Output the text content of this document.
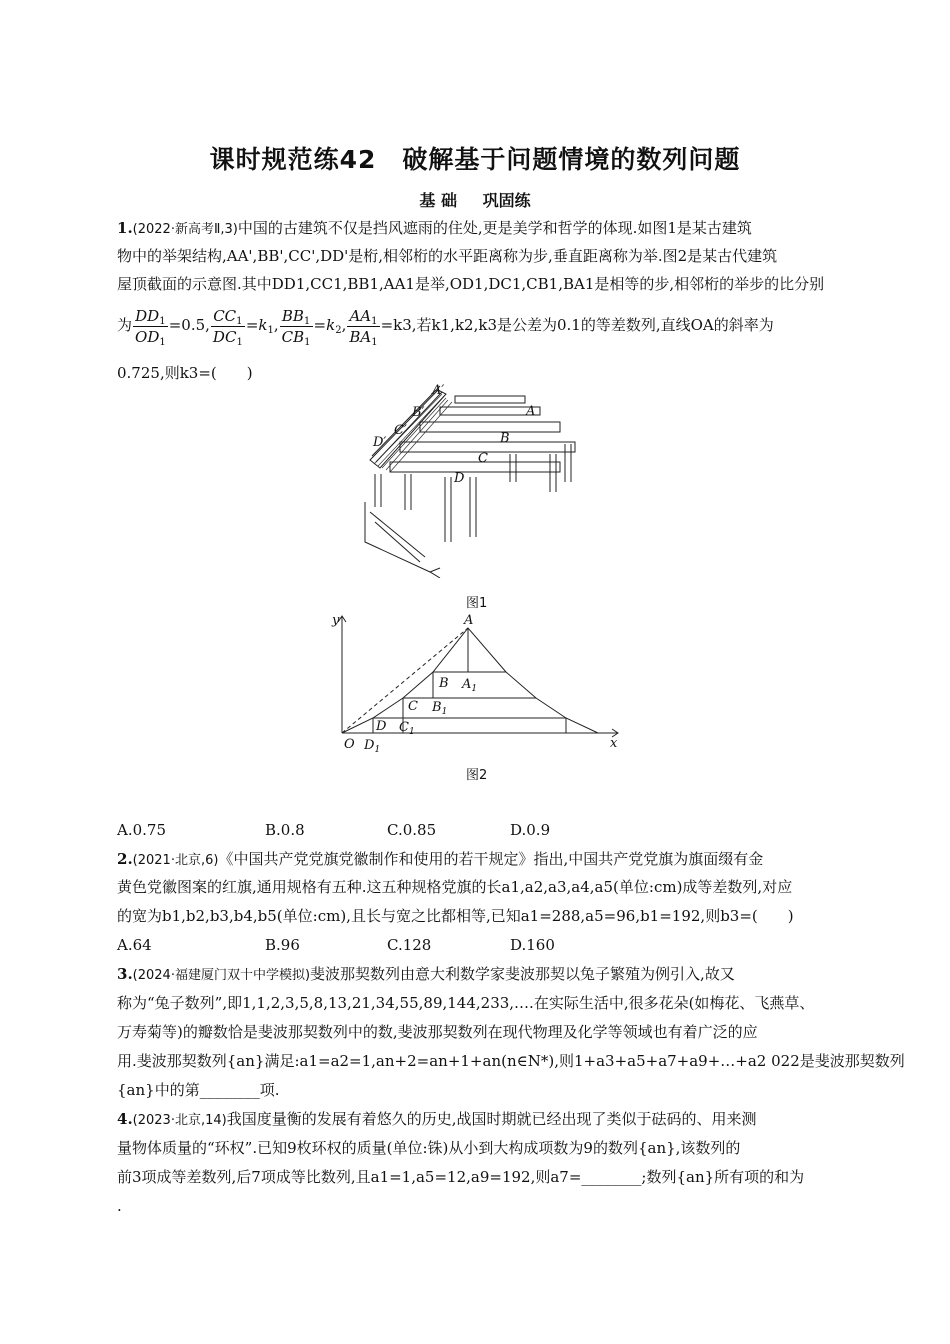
课时规范练42　破解基于问题情境的数列问题
基 础 巩固练
1.(2022·新高考Ⅱ,3)中国的古建筑不仅是挡风遮雨的住处,更是美学和哲学的体现.如图1是某古建筑
物中的举架结构,AA',BB',CC',DD'是桁,相邻桁的水平距离称为步,垂直距离称为举.图2是某古代建筑
屋顶截面的示意图.其中DD1,CC1,BB1,AA1是举,OD1,DC1,CB1,BA1是相等的步,相邻桁的举步的比分别
为 $\frac{DD_1}{OD_1} =0.5$, $\frac{CC_1}{DC_1} =k_1$, $\frac{BB_1}{CB_1} =k_2$, $\frac{AA_1}{BA_1} =k3$,若k1,k2,k3是公差为0.1的等差数列,直线OA的斜率为
0.725,则k3=(　　)
A′
A
B′
B
C′
C
D′
D
图1
y
x
O $D_1$
D $C_1$
C $B_1$
B $A_1$
A
图2
A.0.75	B.0.8	C.0.85	D.0.9
2.(2021·北京,6)《中国共产党党旗党徽制作和使用的若干规定》指出,中国共产党党旗为旗面缀有金
黄色党徽图案的红旗,通用规格有五种.这五种规格党旗的长a1,a2,a3,a4,a5(单位:cm)成等差数列,对应
的宽为b1,b2,b3,b4,b5(单位:cm),且长与宽之比都相等,已知a1=288,a5=96,b1=192,则b3=(　　)
A.64	B.96	C.128	D.160
3.(2024·福建厦门双十中学模拟)斐波那契数列由意大利数学家斐波那契以兔子繁殖为例引入,故又
称为“兔子数列”,即1,1,2,3,5,8,13,21,34,55,89,144,233,….在实际生活中,很多花朵(如梅花、飞燕草、
万寿菊等)的瓣数恰是斐波那契数列中的数,斐波那契数列在现代物理及化学等领域也有着广泛的应
用.斐波那契数列{an}满足:a1=a2=1,an+2=an+1+an(n∈N*),则1+a3+a5+a7+a9+…+a2 022是斐波那契数列
{an}中的第________项.
4.(2023·北京,14)我国度量衡的发展有着悠久的历史,战国时期就已经出现了类似于砝码的、用来测
量物体质量的“环权”.已知9枚环权的质量(单位:铢)从小到大构成项数为9的数列{an},该数列的
前3项成等差数列,后7项成等比数列,且a1=1,a5=12,a9=192,则a7=________;数列{an}所有项的和为
.
